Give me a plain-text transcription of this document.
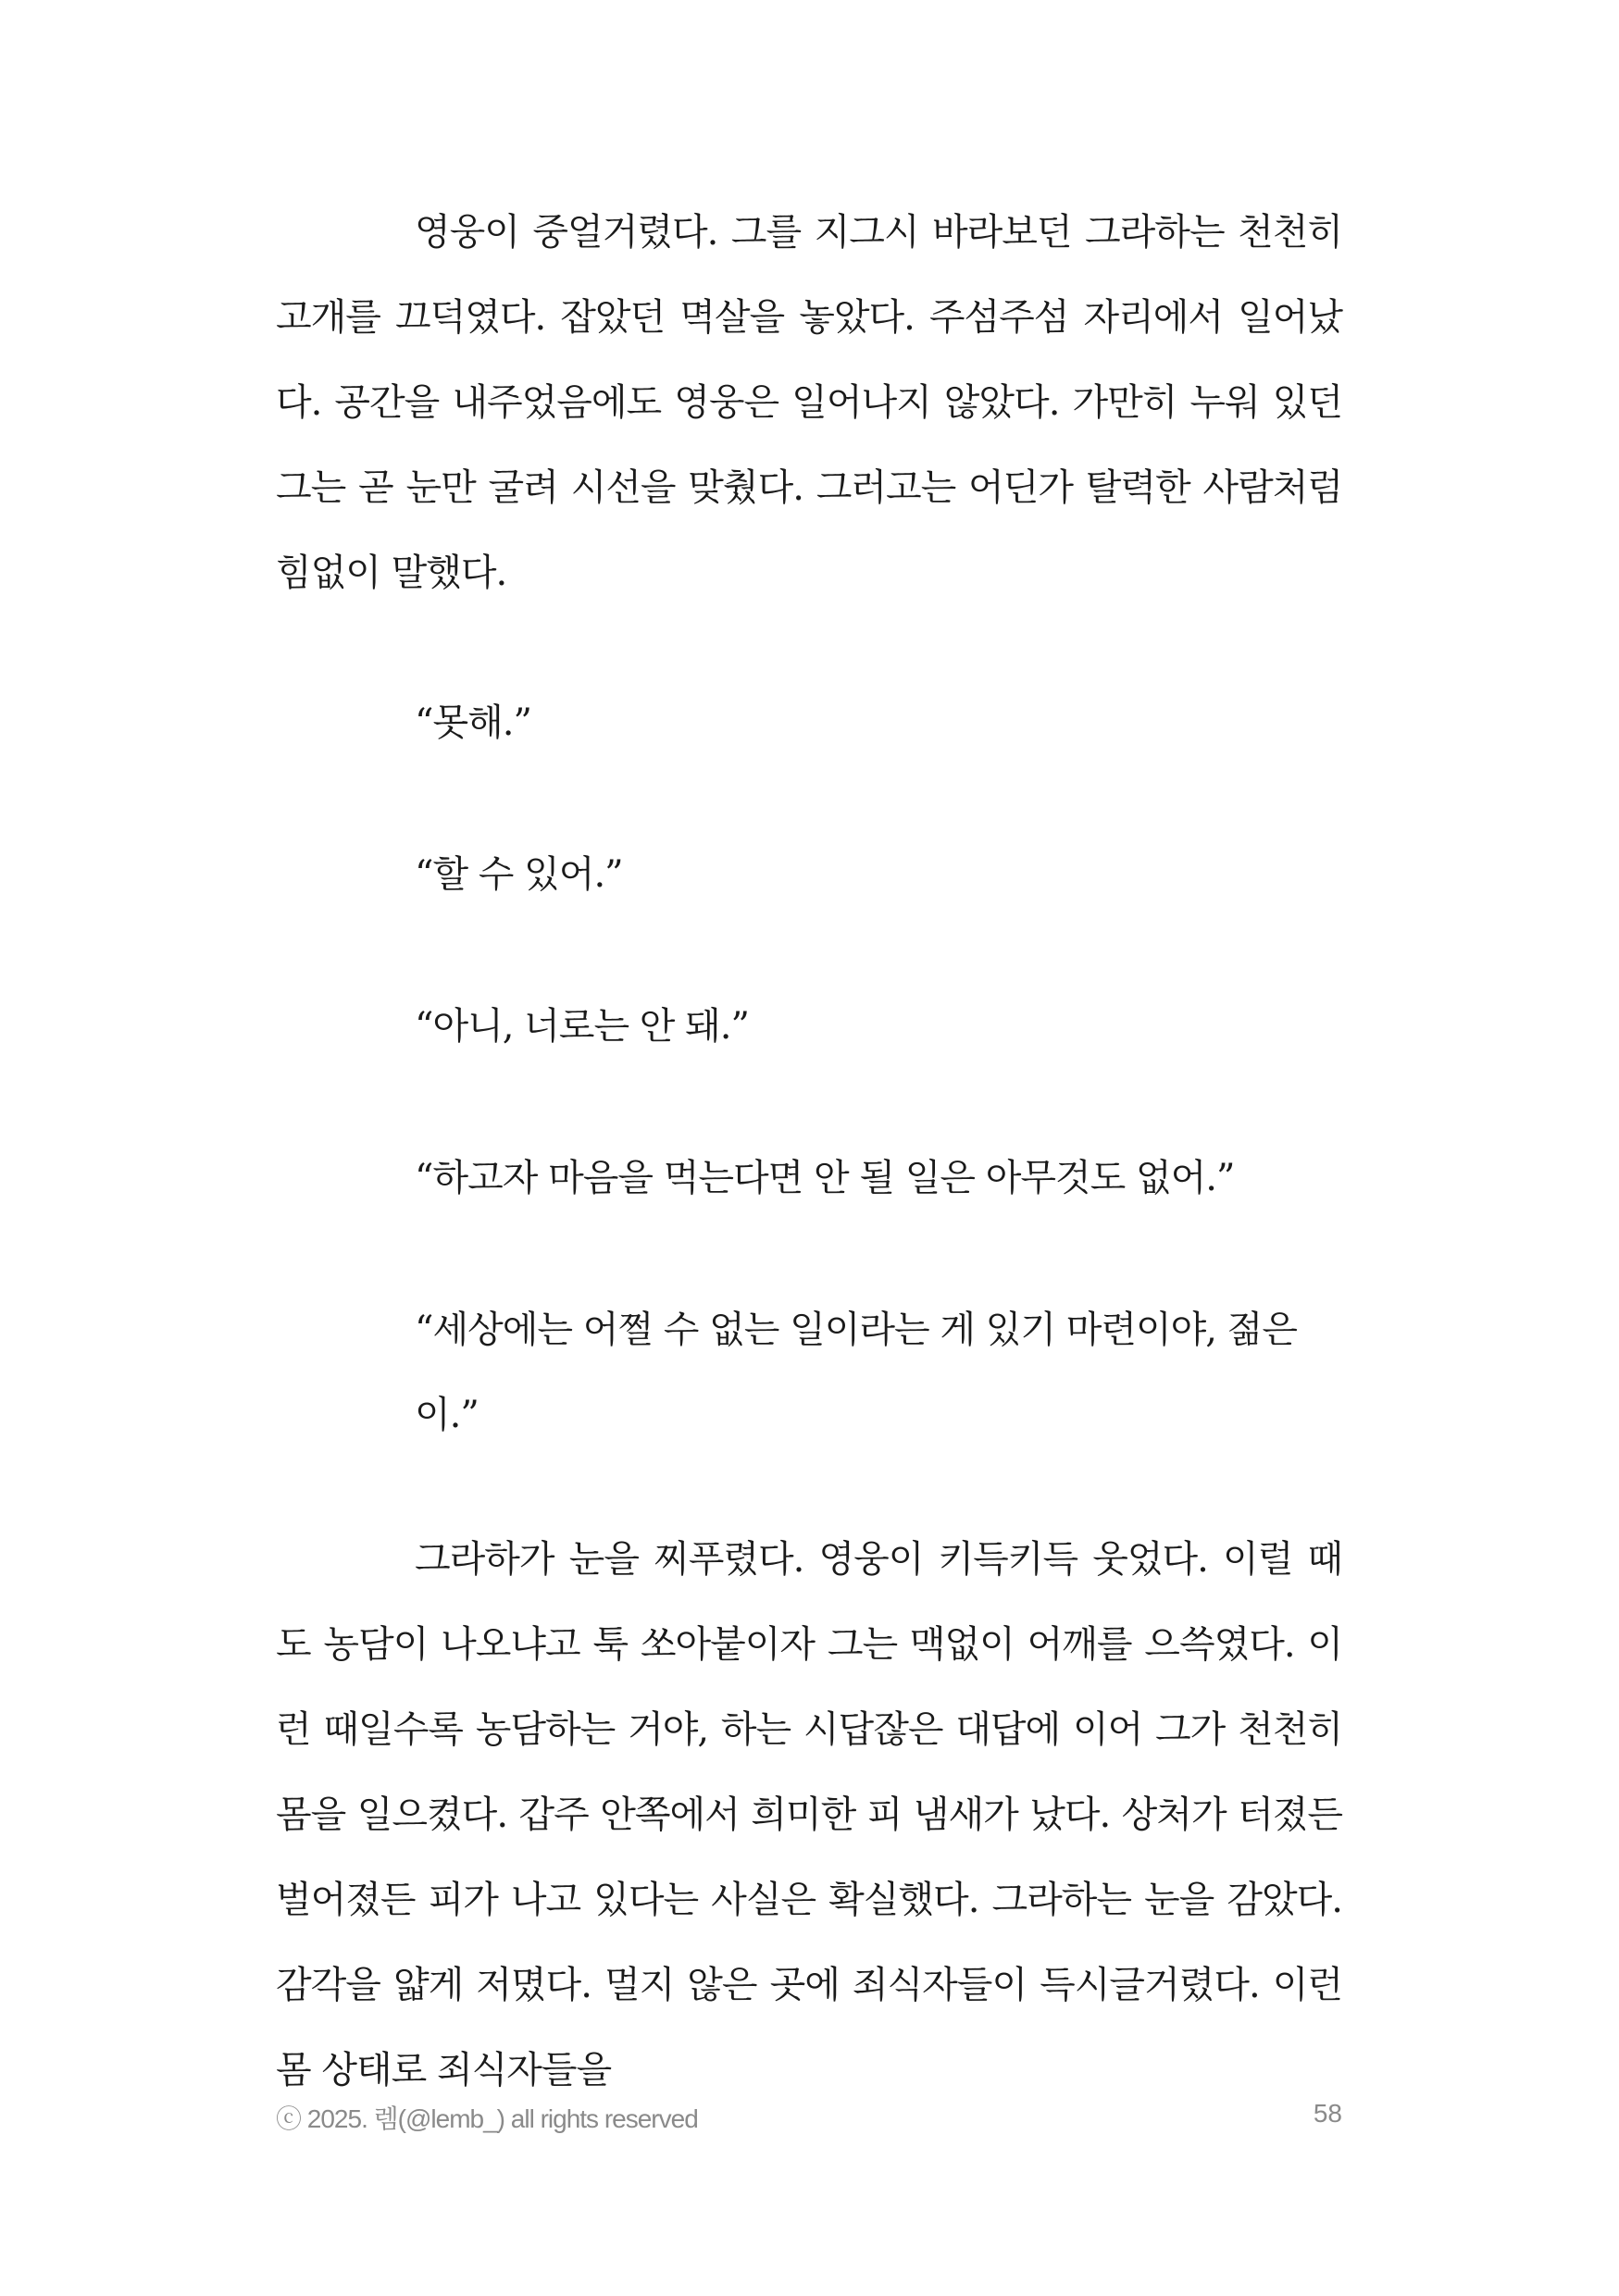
영웅이 중얼거렸다. 그를 지그시 바라보던 그라하는 천천히 고개를 끄덕였다. 잡았던 멱살을 놓았다. 주섬주섬 자리에서 일어났다. 공간을 내주었음에도 영웅은 일어나지 않았다. 가만히 누워 있던 그는 곧 눈만 굴려 시선을 맞췄다. 그러고는 어딘가 탈력한 사람처럼 힘없이 말했다.

“못해.”

“할 수 있어.”

“아니, 너로는 안 돼.”

“하고자 마음을 먹는다면 안 될 일은 아무것도 없어.”

“세상에는 어쩔 수 없는 일이라는 게 있기 마련이야, 젊은이.”

그라하가 눈을 찌푸렸다. 영웅이 키득키득 웃었다. 이럴 때도 농담이 나오냐고 툭 쏘아붙이자 그는 맥없이 어깨를 으쓱였다. 이런 때일수록 농담하는 거야, 하는 시답잖은 대답에 이어 그가 천천히 몸을 일으켰다. 갑주 안쪽에서 희미한 피 냄새가 났다. 상처가 터졌든 벌어졌든 피가 나고 있다는 사실은 확실했다. 그라하는 눈을 감았다. 감각을 얇게 저몄다. 멀지 않은 곳에 죄식자들이 득시글거렸다. 이런 몸 상태로 죄식자들을

ⓒ 2025. 렘(@lemb_) all rights reserved	58
